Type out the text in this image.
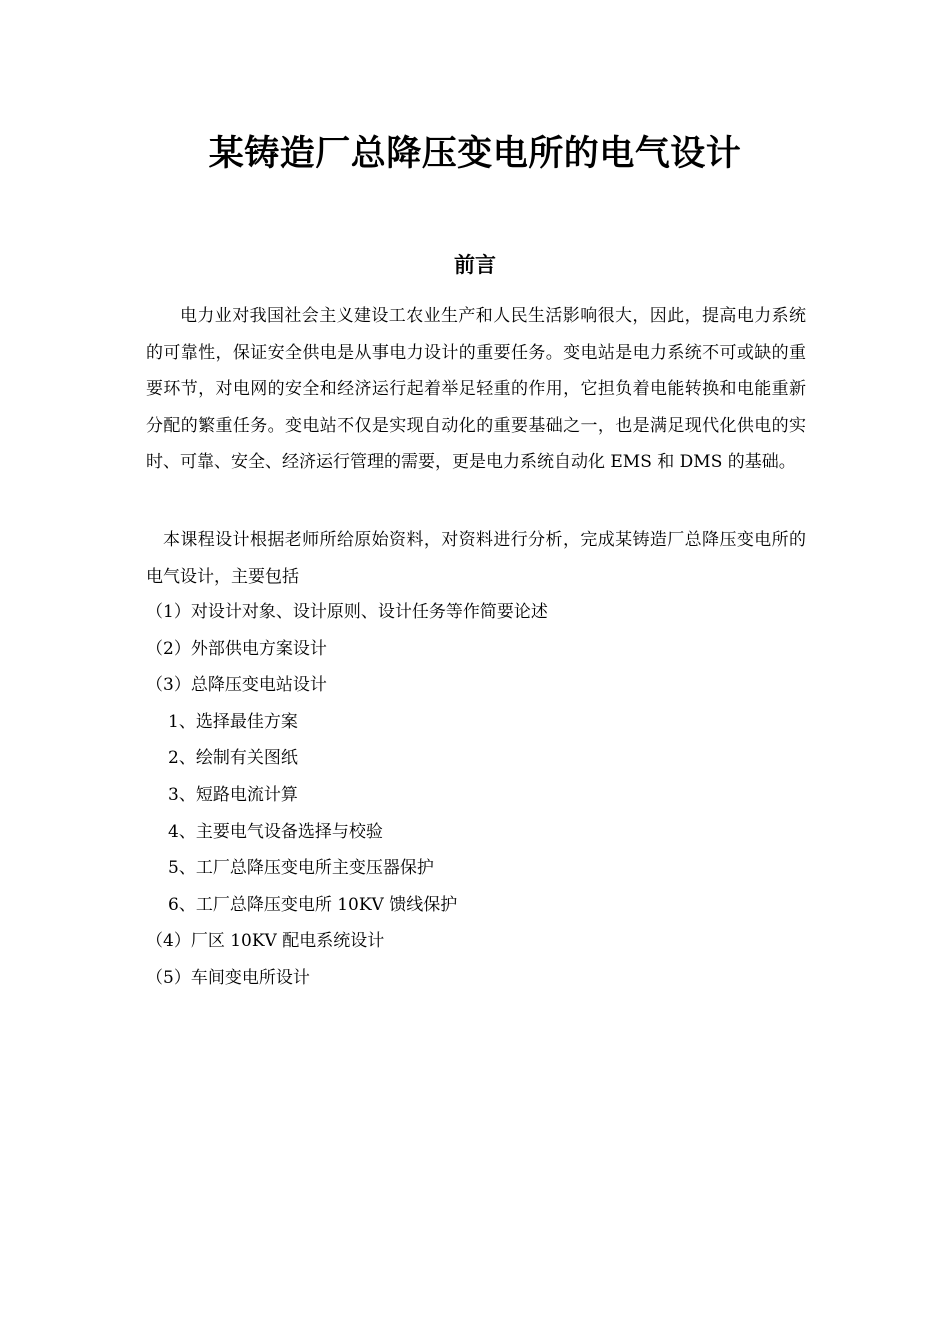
某铸造厂总降压变电所的电气设计
前言

电力业对我国社会主义建设工农业生产和人民生活影响很大，因此，提高电力系统的可靠性，保证安全供电是从事电力设计的重要任务。变电站是电力系统不可或缺的重要环节，对电网的安全和经济运行起着举足轻重的作用，它担负着电能转换和电能重新分配的繁重任务。变电站不仅是实现自动化的重要基础之一，也是满足现代化供电的实时、可靠、安全、经济运行管理的需要，更是电力系统自动化 EMS 和 DMS 的基础。

本课程设计根据老师所给原始资料，对资料进行分析，完成某铸造厂总降压变电所的电气设计，主要包括

（1）对设计对象、设计原则、设计任务等作简要论述
（2）外部供电方案设计
（3）总降压变电站设计
1、选择最佳方案
2、绘制有关图纸
3、短路电流计算
4、主要电气设备选择与校验
5、工厂总降压变电所主变压器保护
6、工厂总降压变电所 10KV 馈线保护
（4）厂区 10KV 配电系统设计
（5）车间变电所设计
